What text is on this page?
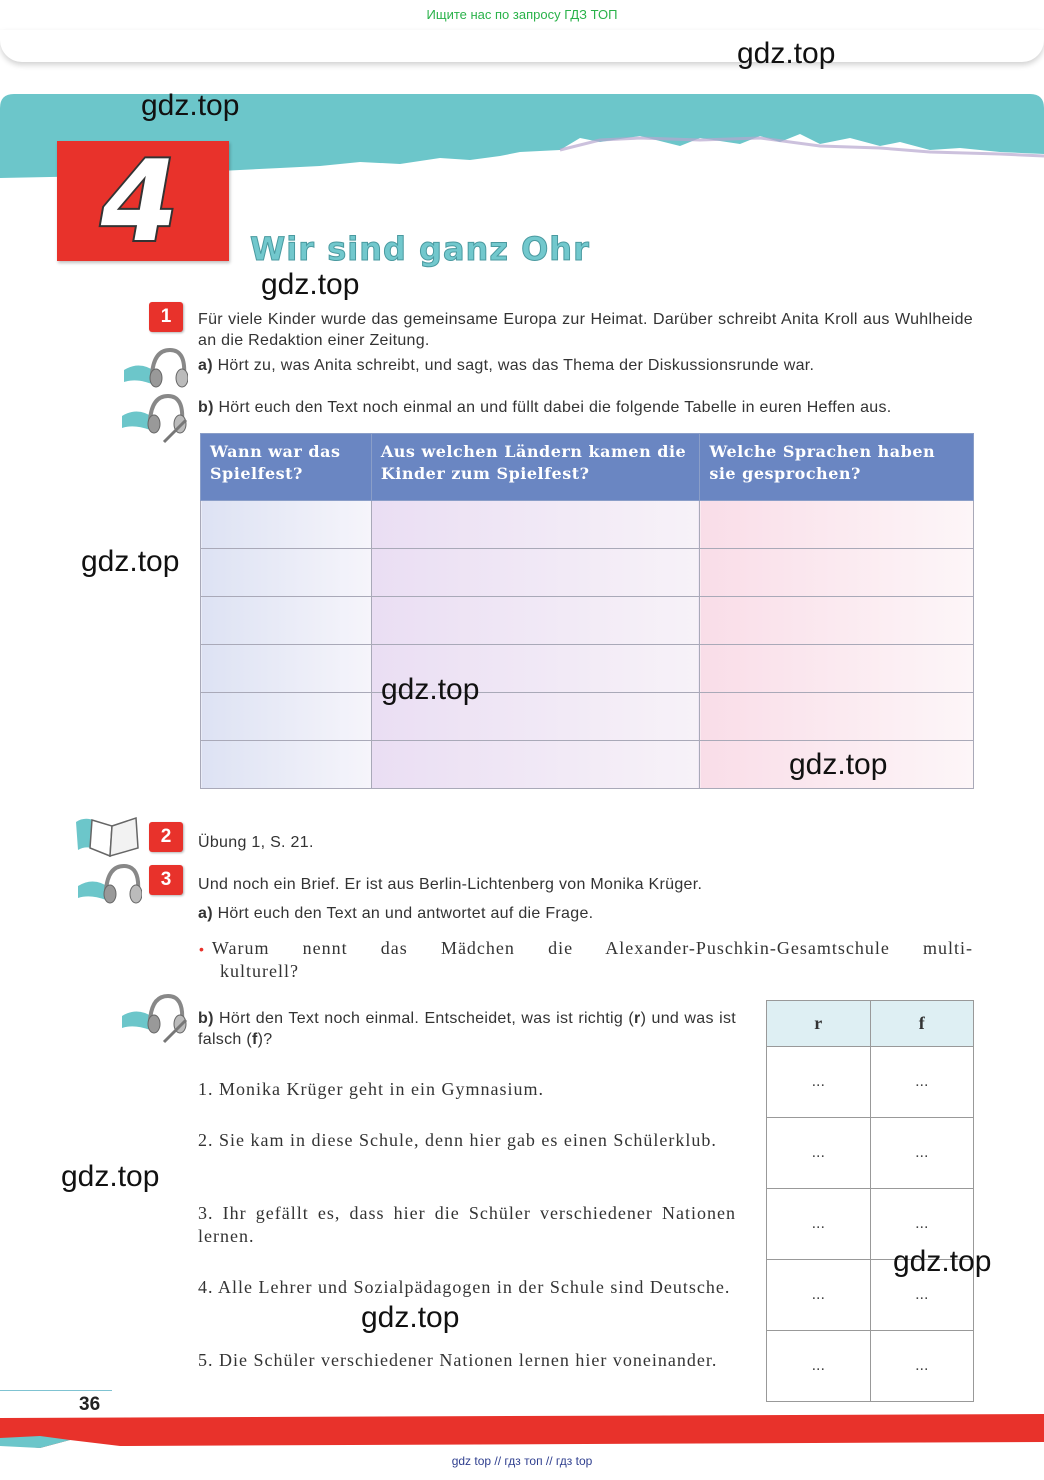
Ищите нас по запросу ГДЗ ТОП
4 Wir sind ganz Ohr
1	Für viele Kinder wurde das gemeinsame Europa zur Heimat. Darüber schreibt Anita Kroll aus Wuhlheide an die Redaktion einer Zeitung.
a) Hört zu, was Anita schreibt, und sagt, was das Thema der Diskussionsrunde war.
b) Hört euch den Text noch einmal an und füllt dabei die folgende Tabelle in euren Heffen aus.
Wann war das Spielfest?	Aus welchen Ländern kamen die Kinder zum Spielfest?	Welche Sprachen haben sie gesprochen?

2	Übung 1, S. 21.
3	Und noch ein Brief. Er ist aus Berlin-Lichtenberg von Monika Krüger.
a) Hört euch den Text an und antwortet auf die Frage.
• Warum nennt das Mädchen die Alexander-Puschkin-Gesamtschule multi-
kulturell?
b) Hört den Text noch einmal. Entscheidet, was ist richtig (r) und was ist falsch (f)?
1. Monika Krüger geht in ein Gymnasium.
2. Sie kam in diese Schule, denn hier gab es einen Schülerklub.
3. Ihr gefällt es, dass hier die Schüler verschiedener Nationen lernen.
4. Alle Lehrer und Sozialpädagogen in der Schule sind Deutsche.
5. Die Schüler verschiedener Nationen lernen hier voneinander.
r	f
...	...
...	...
...	...
...	...
...	...
36
gdz.top
gdz.top
gdz.top
gdz.top
gdz.top
gdz.top
gdz.top
gdz.top
gdz.top
gdz top // гдз топ // гдз top
